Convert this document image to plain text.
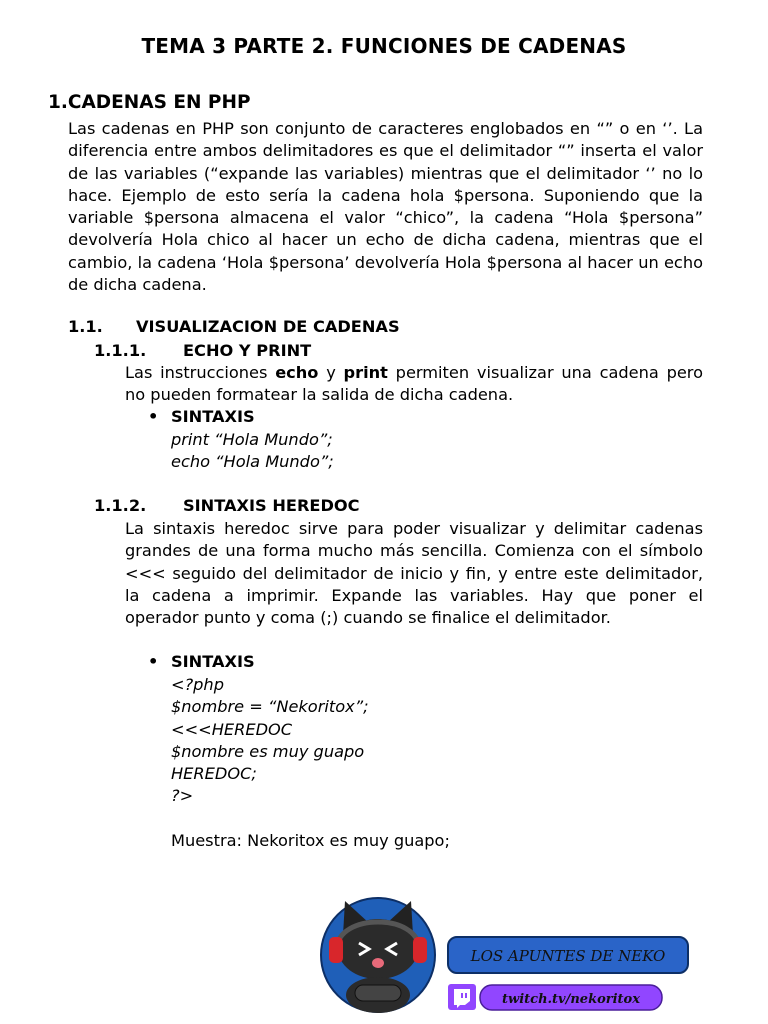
TEMA 3 PARTE 2. FUNCIONES DE CADENAS
1.CADENAS EN PHP
Las cadenas en PHP son conjunto de caracteres englobados en “” o en ‘’. La diferencia entre ambos delimitadores es que el delimitador “” inserta el valor de las variables (“expande las variables) mientras que el delimitador ‘’ no lo hace. Ejemplo de esto sería la cadena hola $persona. Suponiendo que la variable $persona almacena el valor “chico”, la cadena “Hola $persona” devolvería Hola chico al hacer un echo de dicha cadena, mientras que el cambio, la cadena ‘Hola $persona’ devolvería Hola $persona al hacer un echo de dicha cadena.
1.1. VISUALIZACION DE CADENAS
1.1.1. ECHO Y PRINT
Las instrucciones echo y print permiten visualizar una cadena pero no pueden formatear la salida de dicha cadena.
• SINTAXIS
print “Hola Mundo”;
echo “Hola Mundo”;
1.1.2. SINTAXIS HEREDOC
La sintaxis heredoc sirve para poder visualizar y delimitar cadenas grandes de una forma mucho más sencilla. Comienza con el símbolo <<< seguido del delimitador de inicio y fin, y entre este delimitador, la cadena a imprimir. Expande las variables. Hay que poner el operador punto y coma (;) cuando se finalice el delimitador.
• SINTAXIS
<?php
$nombre = “Nekoritox”;
<<<HEREDOC
$nombre es muy guapo
HEREDOC;
?>
Muestra: Nekoritox es muy guapo;
LOS APUNTES DE NEKO
twitch.tv/nekoritox
